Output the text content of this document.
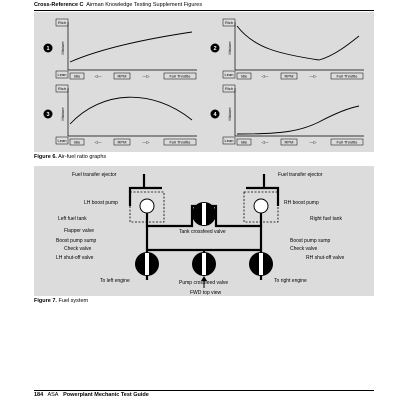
Cross-Reference C Airman Knowledge Testing Supplement Figures
1
Rich
Mixture
Lean Idle	RPM	Full Throttle
◁—	—▷
2
Rich
Mixture
Lean Idle	RPM	Full Throttle
◁—	—▷
3
Rich
Mixture
Lean Idle	RPM	Full Throttle
◁—	—▷
4
Rich
Mixture
Lean Idle	RPM	Full Throttle
◁—	—▷
Figure 6. Air-fuel ratio graphs
Fuel transfer ejector	Fuel transfer ejector
LH boost pump	RH boost pump
Left fuel tank	Right fuel tank
Flapper valve	Tank crossfeed valve
Boost pump sump	Boost pump sump
Check valve	Check valve
LH shut-off valve	RH shut-off valve
Pump crossfeed valve
To left engine	To right engine
FWD top view
Figure 7. Fuel system
184 ASA Powerplant Mechanic Test Guide
